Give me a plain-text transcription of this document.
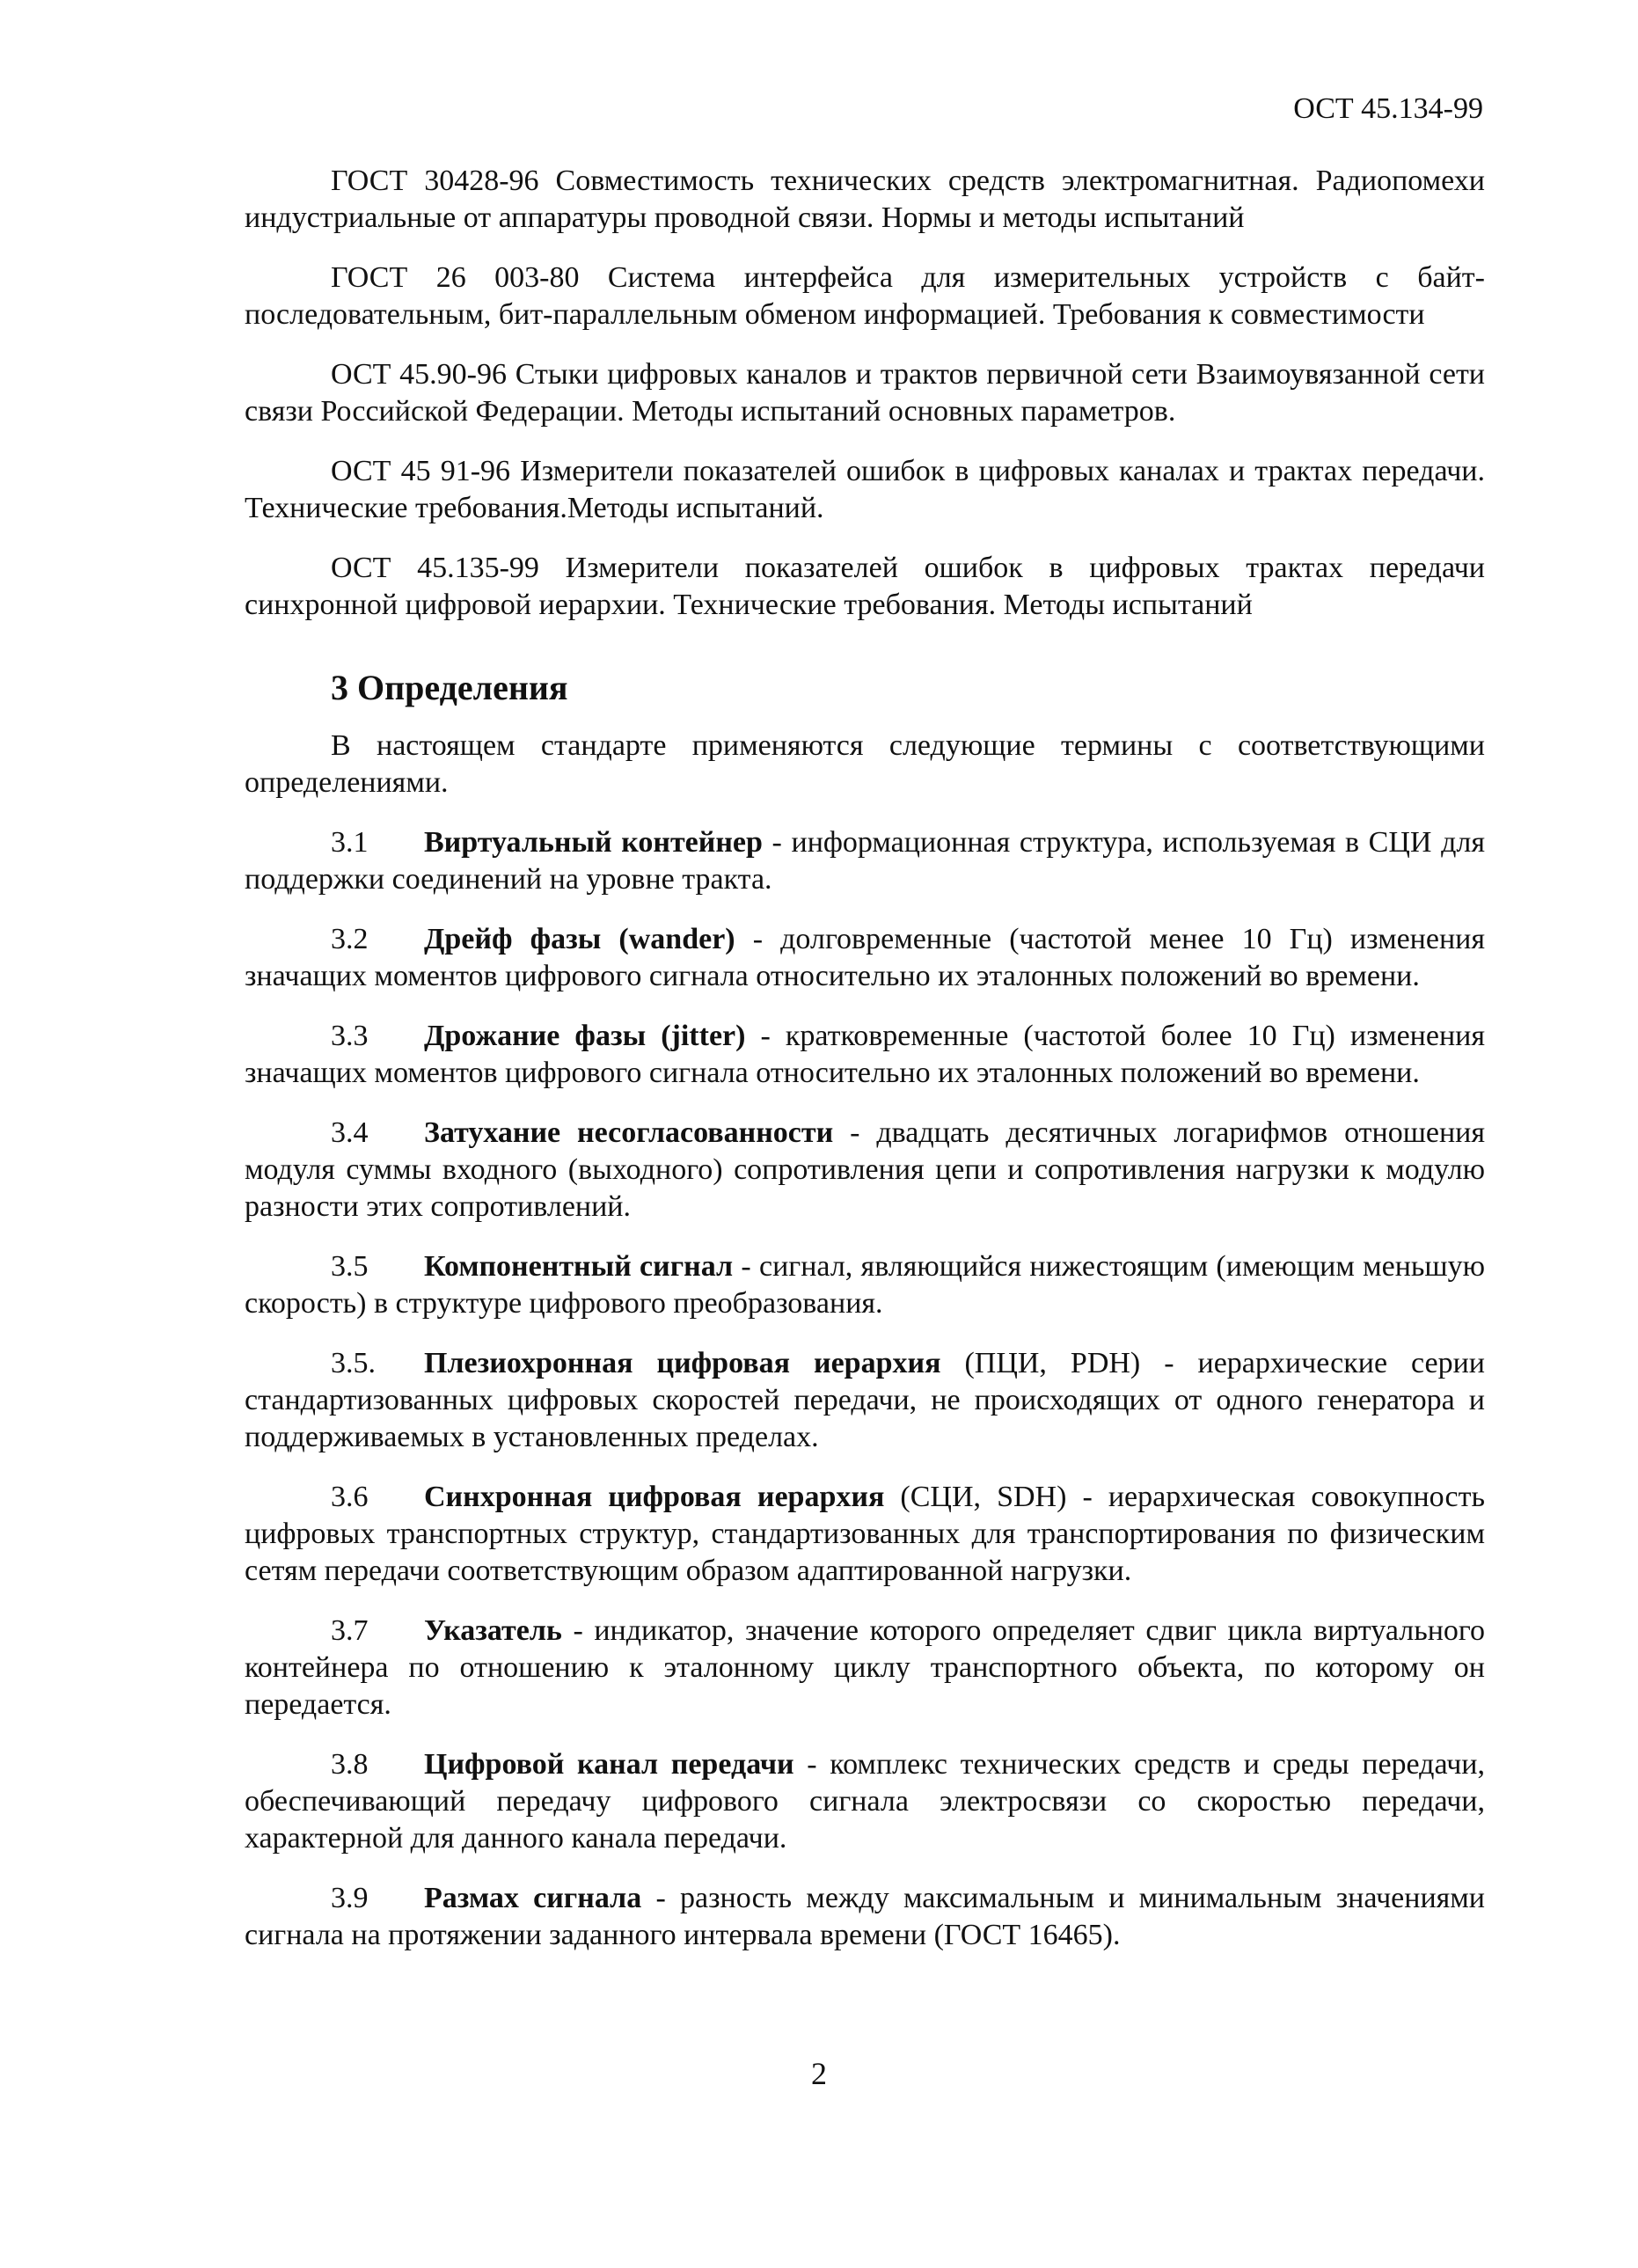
ОСТ 45.134-99

ГОСТ 30428-96 Совместимость технических средств электромагнитная. Радиопомехи индустриальные от аппаратуры проводной связи. Нормы и методы испытаний

ГОСТ 26 003-80 Система интерфейса для измерительных устройств с байт-последовательным, бит-параллельным обменом информацией. Требования к совместимости

ОСТ 45.90-96 Стыки цифровых каналов и трактов первичной сети Взаимоувязанной сети связи Российской Федерации. Методы испытаний основных параметров.

ОСТ 45 91-96 Измерители показателей ошибок в цифровых каналах и трактах передачи. Технические требования.Методы испытаний.

ОСТ 45.135-99 Измерители показателей ошибок в цифровых трактах передачи синхронной цифровой иерархии. Технические требования. Методы испытаний

3 Определения

В настоящем стандарте применяются следующие термины с соответствующими определениями.

3.1 Виртуальный контейнер - информационная структура, используемая в СЦИ для поддержки соединений на уровне тракта.

3.2 Дрейф фазы (wander) - долговременные (частотой менее 10 Гц) изменения значащих моментов цифрового сигнала относительно их эталонных положений во времени.

3.3 Дрожание фазы (jitter) - кратковременные (частотой более 10 Гц) изменения значащих моментов цифрового сигнала относительно их эталонных положений во времени.

3.4 Затухание несогласованности - двадцать десятичных логарифмов отношения модуля суммы входного (выходного) сопротивления цепи и сопротивления нагрузки к модулю разности этих сопротивлений.

3.5 Компонентный сигнал - сигнал, являющийся нижестоящим (имеющим меньшую скорость) в структуре цифрового преобразования.

3.5. Плезиохронная цифровая иерархия (ПЦИ, PDH) - иерархические серии стандартизованных цифровых скоростей передачи, не происходящих от одного генератора и поддерживаемых в установленных пределах.

3.6 Синхронная цифровая иерархия (СЦИ, SDH) - иерархическая совокупность цифровых транспортных структур, стандартизованных для транспортирования по физическим сетям передачи соответствующим образом адаптированной нагрузки.

3.7 Указатель - индикатор, значение которого определяет сдвиг цикла виртуального контейнера по отношению к эталонному циклу транспортного объекта, по которому он передается.

3.8 Цифровой канал передачи - комплекс технических средств и среды передачи, обеспечивающий передачу цифрового сигнала электросвязи со скоростью передачи, характерной для данного канала передачи.

3.9 Размах сигнала - разность между максимальным и минимальным значениями сигнала на протяжении заданного интервала времени (ГОСТ 16465).

2
